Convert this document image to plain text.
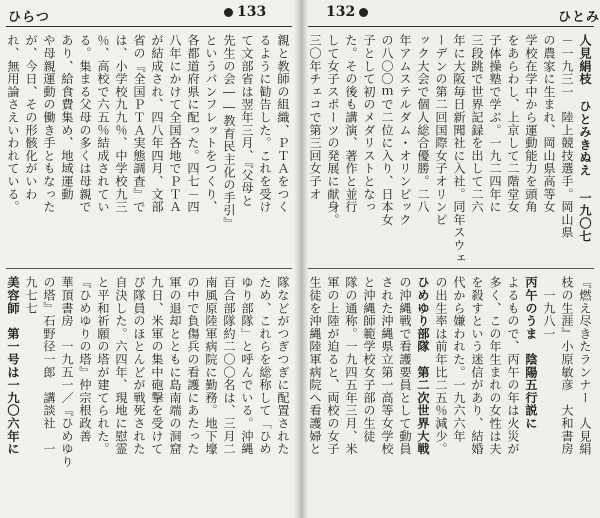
ひらつ	133
親と教師の組織、ＰＴＡをつく
るように勧告した。これを受け
て文部省は翌年三月、『父母と
先生の会――教育民主化の手引』
というパンフレットをつくり、
各都道府県に配った。四七－四
八年にかけて全国各地でＰＴＡ
が結成され、四八年四月、文部
省の『全国ＰＴＡ実態調査』で
は、小学校九九％、中学校九三
％、高校で六五％結成されてい
る。集まる父母の多くは母親で
あり、給食費集め、地域運動
や母親運動の働き手ともなった
が、今日、その形骸化がいわ
れ、無用論さえいわれている。
隊などがつぎつぎに配置された
ため、これらを総称して「ひめ
ゆり部隊」と呼んでいる。沖縄
百合部隊約二〇〇名は、三月二
南風原陸軍病院に勤務。地下壕
の中で負傷兵の看護にあたった
軍の退却とともに島南端の洞窟
九日、米軍の集中砲撃を受けて
ぴ隊員のほとんどが戦死された
自決した。六四年、現地に慰霊
と平和祈願の塔が建てられた。
『ひめゆりの塔』仲宗根政善
華頂書房　一九五一／『ひめゆり
の塔』石野径一郎　講談社　一
九七七
美容師　第一号は一九〇六年に
132	ひとみ
人見絹枝 ひとみきぬえ 一九〇七
－一九三一　陸上競技選手。岡山県
の農家に生まれ、岡山県高等女
学校在学中から運動能力を頭角
をあらわし、上京して二階堂女
子体操塾で学ぶ。一九二四年に
三段跳で世界記録を出して二六
年に大阪毎日新聞社に入社。同年スウェ
ーデンの第二回国際女子オリンピ
ック大会で個人総合優勝。二八
年アムステルダム・オリンピック
の八〇〇ｍで二位に入り、日本女
子として初のメダリストとなっ
た。その後も講演、著作と並行
して女子スポーツの発展に献身。
三〇年チェコで第三回女子オ
『燃え尽きたランナー　人見絹
枝の生涯』小原敏彦　大和書房
　一九八一
丙午のうま　陰陽五行説に
よるもので、丙午の年は火災が
多く、この年生まれの女性は夫
を殺すという迷信があり、結婚
代から嫌われた。一九六六年
の出生率は前年比二五％減少。
ひめゆり部隊　第二次世界大戦
の沖縄戦で看護要員として動員
された沖縄県立第一高等女学校
と沖縄師範学校女子部の生徒
隊の通称。一九四五年三月、米
軍の上陸が迫ると、両校の女子
生徒を沖縄陸軍病院へ看護婦と
